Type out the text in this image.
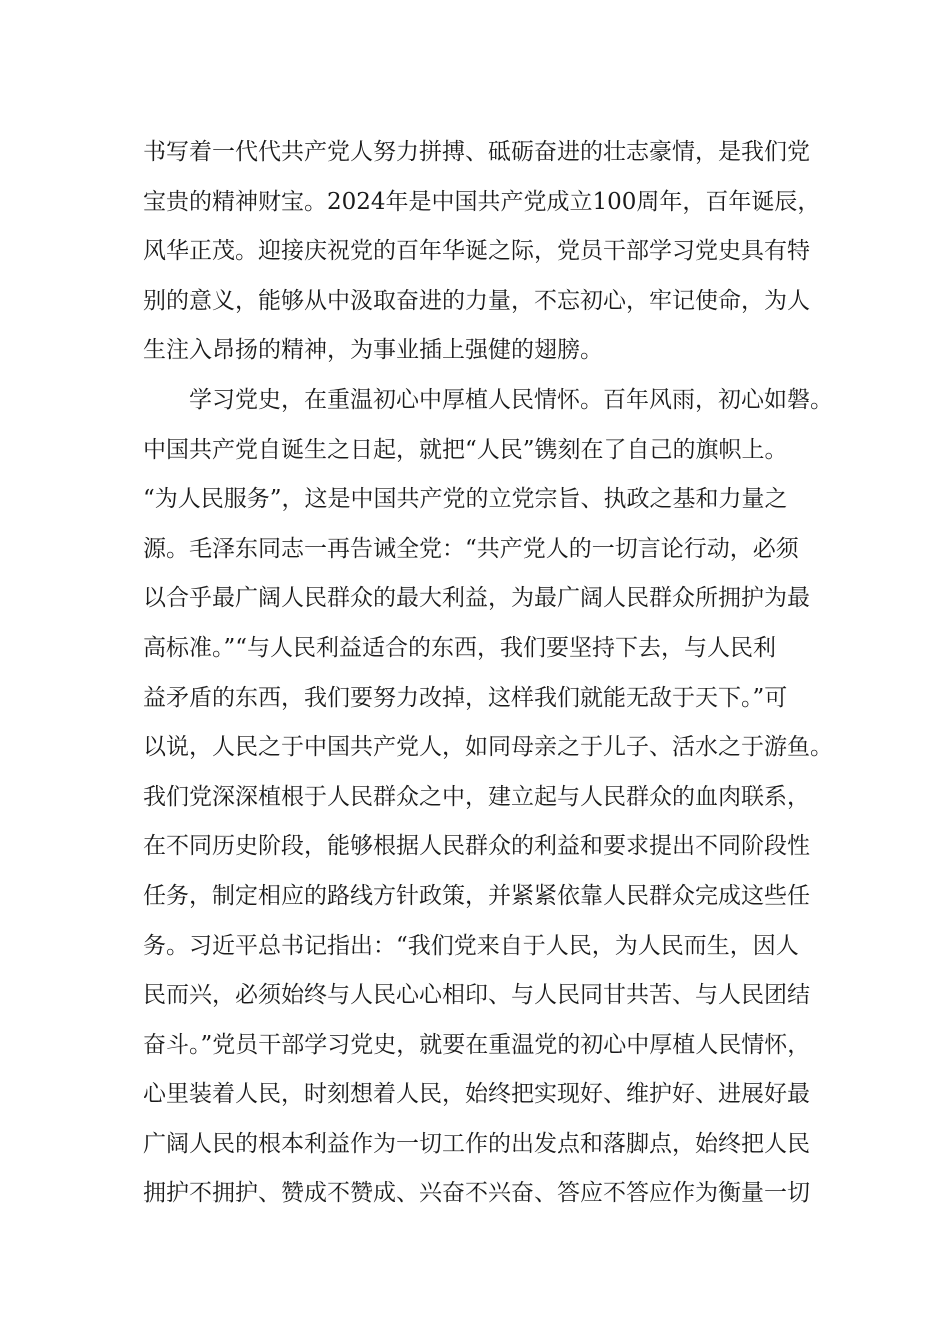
书写着一代代共产党人努力拼搏、砥砺奋进的壮志豪情，是我们党
宝贵的精神财宝。2024年是中国共产党成立100周年，百年诞辰，
风华正茂。迎接庆祝党的百年华诞之际，党员干部学习党史具有特
别的意义，能够从中汲取奋进的力量，不忘初心，牢记使命，为人
生注入昂扬的精神，为事业插上强健的翅膀。
学习党史，在重温初心中厚植人民情怀。百年风雨，初心如磐。
中国共产党自诞生之日起，就把“人民”镌刻在了自己的旗帜上。
“为人民服务”，这是中国共产党的立党宗旨、执政之基和力量之
源。毛泽东同志一再告诫全党：“共产党人的一切言论行动，必须
以合乎最广阔人民群众的最大利益，为最广阔人民群众所拥护为最
高标准。”“与人民利益适合的东西，我们要坚持下去，与人民利
益矛盾的东西，我们要努力改掉，这样我们就能无敌于天下。”可
以说，人民之于中国共产党人，如同母亲之于儿子、活水之于游鱼。
我们党深深植根于人民群众之中，建立起与人民群众的血肉联系，
在不同历史阶段，能够根据人民群众的利益和要求提出不同阶段性
任务，制定相应的路线方针政策，并紧紧依靠人民群众完成这些任
务。习近平总书记指出：“我们党来自于人民，为人民而生，因人
民而兴，必须始终与人民心心相印、与人民同甘共苦、与人民团结
奋斗。”党员干部学习党史，就要在重温党的初心中厚植人民情怀，
心里装着人民，时刻想着人民，始终把实现好、维护好、进展好最
广阔人民的根本利益作为一切工作的出发点和落脚点，始终把人民
拥护不拥护、赞成不赞成、兴奋不兴奋、答应不答应作为衡量一切
